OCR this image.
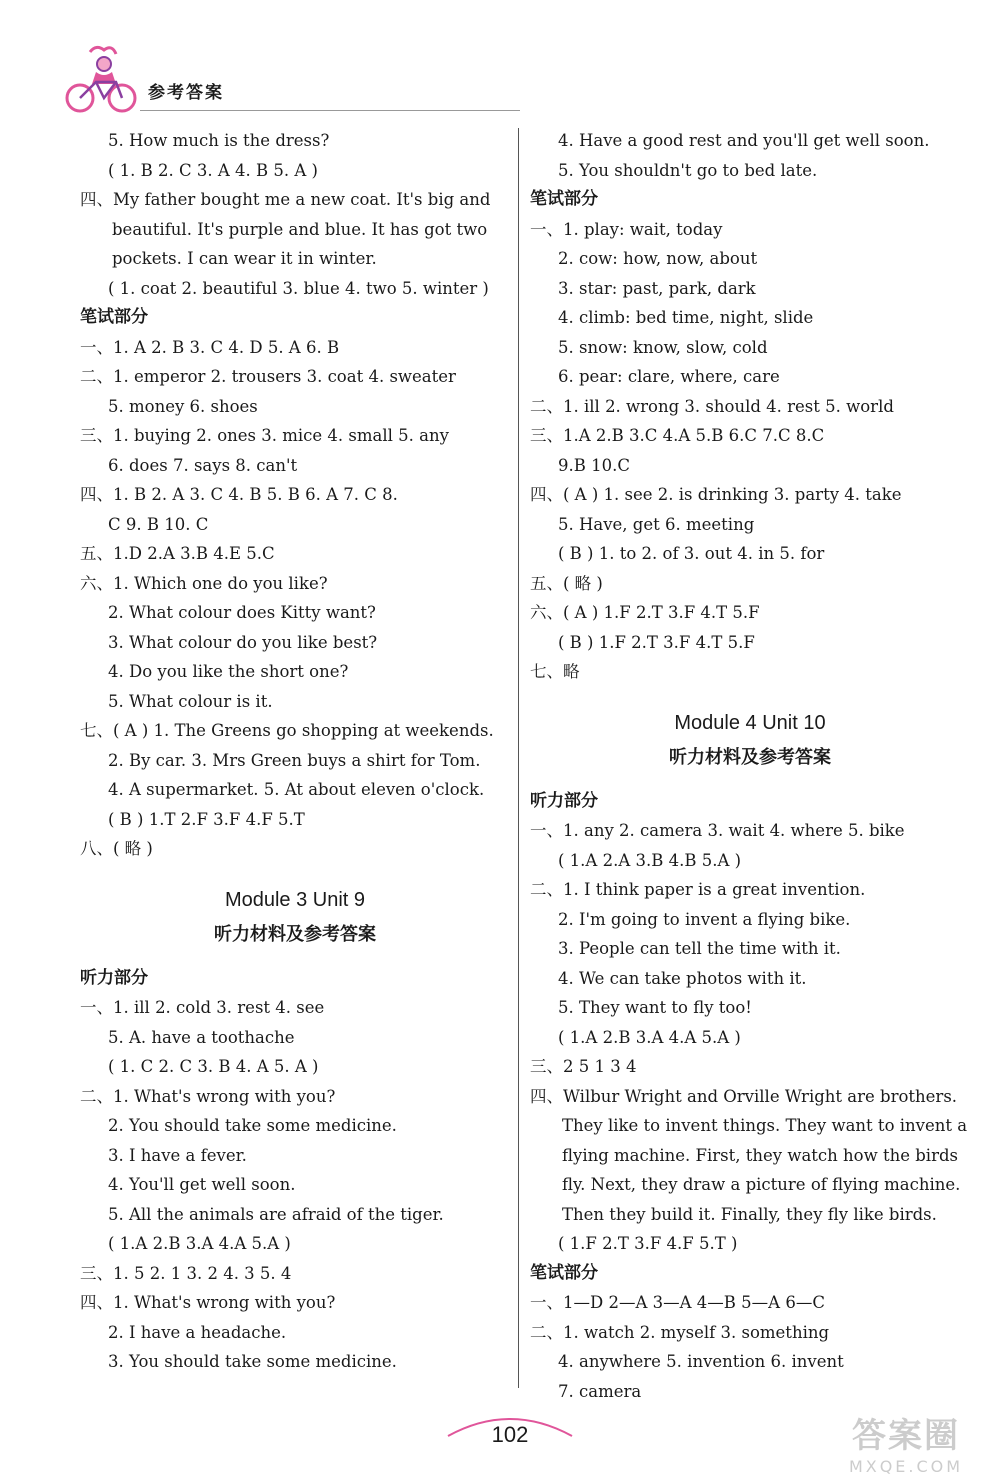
参考答案
5. How much is the dress?
( 1. B 2. C 3. A 4. B 5. A )
四、My father bought me a new coat. It's big and
beautiful. It's purple and blue. It has got two
pockets. I can wear it in winter.
( 1. coat 2. beautiful 3. blue 4. two 5. winter )
笔试部分
一、1. A 2. B 3. C 4. D 5. A 6. B
二、1. emperor 2. trousers 3. coat 4. sweater
5. money 6. shoes
三、1. buying 2. ones 3. mice 4. small 5. any
6. does 7. says 8. can't
四、1. B 2. A 3. C 4. B 5. B 6. A 7. C 8.
C 9. B 10. C
五、1.D 2.A 3.B 4.E 5.C
六、1. Which one do you like?
2. What colour does Kitty want?
3. What colour do you like best?
4. Do you like the short one?
5. What colour is it.
七、( A ) 1. The Greens go shopping at weekends.
2. By car. 3. Mrs Green buys a shirt for Tom.
4. A supermarket. 5. At about eleven o'clock.
( B ) 1.T 2.F 3.F 4.F 5.T
八、( 略 )
Module 3 Unit 9
听力材料及参考答案
听力部分
一、1. ill 2. cold 3. rest 4. see
5. A. have a toothache
( 1. C 2. C 3. B 4. A 5. A )
二、1. What's wrong with you?
2. You should take some medicine.
3. I have a fever.
4. You'll get well soon.
5. All the animals are afraid of the tiger.
( 1.A 2.B 3.A 4.A 5.A )
三、1. 5 2. 1 3. 2 4. 3 5. 4
四、1. What's wrong with you?
2. I have a headache.
3. You should take some medicine.
4. Have a good rest and you'll get well soon.
5. You shouldn't go to bed late.
笔试部分
一、1. play: wait, today
2. cow: how, now, about
3. star: past, park, dark
4. climb: bed time, night, slide
5. snow: know, slow, cold
6. pear: clare, where, care
二、1. ill 2. wrong 3. should 4. rest 5. world
三、1.A 2.B 3.C 4.A 5.B 6.C 7.C 8.C
9.B 10.C
四、( A ) 1. see 2. is drinking 3. party 4. take
5. Have, get 6. meeting
( B ) 1. to 2. of 3. out 4. in 5. for
五、( 略 )
六、( A ) 1.F 2.T 3.F 4.T 5.F
( B ) 1.F 2.T 3.F 4.T 5.F
七、略
Module 4 Unit 10
听力材料及参考答案
听力部分
一、1. any 2. camera 3. wait 4. where 5. bike
( 1.A 2.A 3.B 4.B 5.A )
二、1. I think paper is a great invention.
2. I'm going to invent a flying bike.
3. People can tell the time with it.
4. We can take photos with it.
5. They want to fly too!
( 1.A 2.B 3.A 4.A 5.A )
三、2 5 1 3 4
四、Wilbur Wright and Orville Wright are brothers.
They like to invent things. They want to invent a
flying machine. First, they watch how the birds
fly. Next, they draw a picture of flying machine.
Then they build it. Finally, they fly like birds.
( 1.F 2.T 3.F 4.F 5.T )
笔试部分
一、1—D 2—A 3—A 4—B 5—A 6—C
二、1. watch 2. myself 3. something
4. anywhere 5. invention 6. invent
7. camera
102	答案圈
MXQE.COM
